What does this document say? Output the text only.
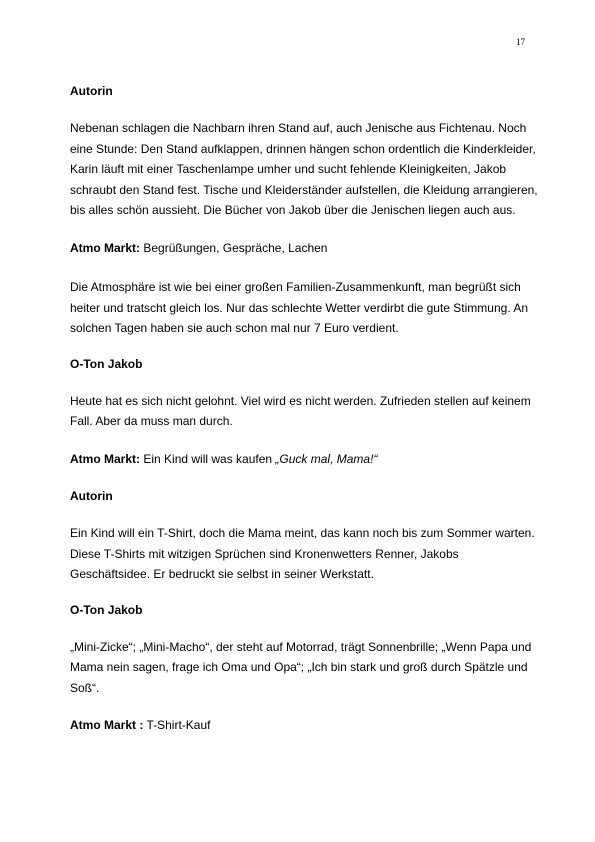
17
Autorin
Nebenan schlagen die Nachbarn ihren Stand auf, auch Jenische aus Fichtenau. Noch eine Stunde: Den Stand aufklappen, drinnen hängen schon ordentlich die Kinderkleider, Karin läuft mit einer Taschenlampe umher und sucht fehlende Kleinigkeiten, Jakob schraubt den Stand fest. Tische und Kleiderständer aufstellen, die Kleidung arrangieren, bis alles schön aussieht. Die Bücher von Jakob über die Jenischen liegen auch aus.
Atmo Markt: Begrüßungen, Gespräche, Lachen
Die Atmosphäre ist wie bei einer großen Familien-Zusammenkunft, man begrüßt sich heiter und tratscht gleich los. Nur das schlechte Wetter verdirbt die gute Stimmung. An solchen Tagen haben sie auch schon mal nur 7 Euro verdient.
O-Ton Jakob
Heute hat es sich nicht gelohnt. Viel wird es nicht werden. Zufrieden stellen auf keinem Fall. Aber da muss man durch.
Atmo Markt: Ein Kind will was kaufen „Guck mal, Mama!“
Autorin
Ein Kind will ein T-Shirt, doch die Mama meint, das kann noch bis zum Sommer warten. Diese T-Shirts mit witzigen Sprüchen sind Kronenwetters Renner, Jakobs Geschäftsidee. Er bedruckt sie selbst in seiner Werkstatt.
O-Ton Jakob
„Mini-Zicke“; „Mini-Macho“, der steht auf Motorrad, trägt Sonnenbrille; „Wenn Papa und Mama nein sagen, frage ich Oma und Opa“; „Ich bin stark und groß durch Spätzle und Soß“.
Atmo Markt : T-Shirt-Kauf
